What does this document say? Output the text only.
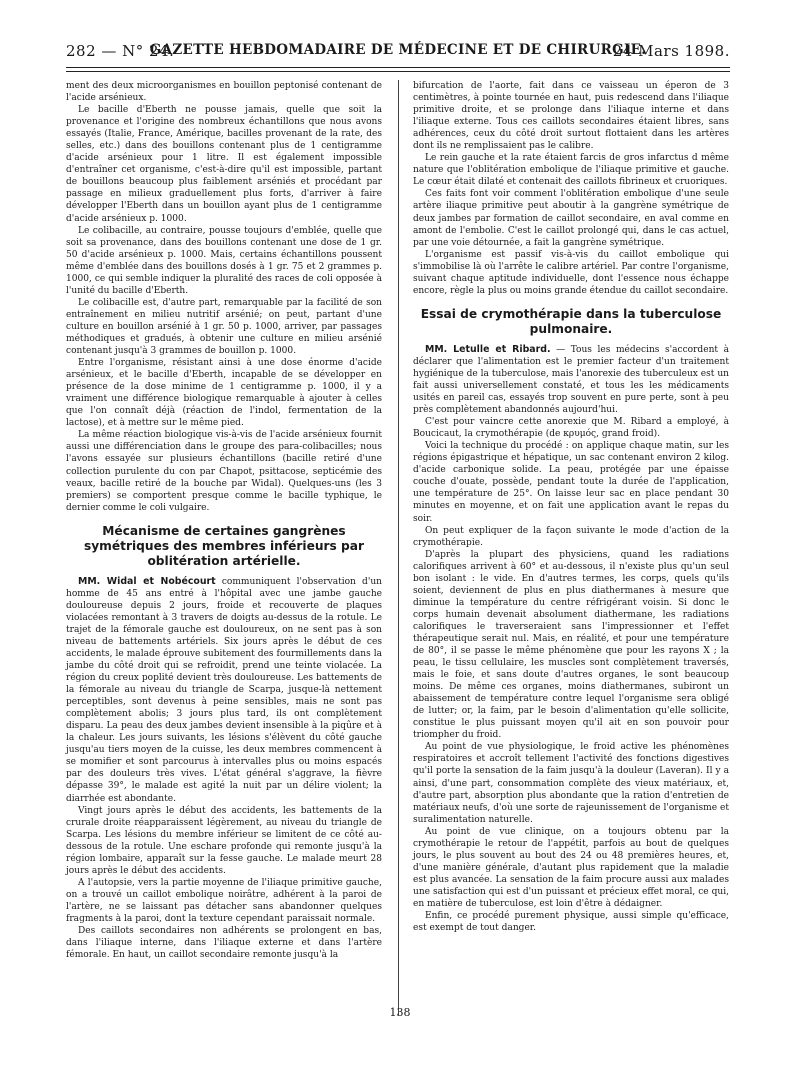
282 — N° 24.
GAZETTE HEBDOMADAIRE DE MÉDECINE ET DE CHIRURGIE.
24 Mars 1898.

ment des deux microorganismes en bouillon peptonisé contenant de l'acide arsénieux.

Le bacille d'Eberth ne pousse jamais, quelle que soit la provenance et l'origine des nombreux échantillons que nous avons essayés (Italie, France, Amérique, bacilles provenant de la rate, des selles, etc.) dans des bouillons contenant plus de 1 centigramme d'acide arsénieux pour 1 litre. Il est également impossible d'entraîner cet organisme, c'est-à-dire qu'il est impossible, partant de bouillons beaucoup plus faiblement arséniés et procédant par passage en milieux graduellement plus forts, d'arriver à faire développer l'Eberth dans un bouillon ayant plus de 1 centigramme d'acide arsénieux p. 1000.

Le colibacille, au contraire, pousse toujours d'emblée, quelle que soit sa provenance, dans des bouillons contenant une dose de 1 gr. 50 d'acide arsénieux p. 1000. Mais, certains échantillons poussent même d'emblée dans des bouillons dosés à 1 gr. 75 et 2 grammes p. 1000, ce qui semble indiquer la pluralité des races de coli opposée à l'unité du bacille d'Eberth.

Le colibacille est, d'autre part, remarquable par la facilité de son entraînement en milieu nutritif arsénié; on peut, partant d'une culture en bouillon arsénié à 1 gr. 50 p. 1000, arriver, par passages méthodiques et gradués, à obtenir une culture en milieu arsénié contenant jusqu'à 3 grammes de bouillon p. 1000.

Entre l'organisme, résistant ainsi à une dose énorme d'acide arsénieux, et le bacille d'Eberth, incapable de se développer en présence de la dose minime de 1 centigramme p. 1000, il y a vraiment une différence biologique remarquable à ajouter à celles que l'on connaît déjà (réaction de l'indol, fermentation de la lactose), et à mettre sur le même pied.

La même réaction biologique vis-à-vis de l'acide arsénieux fournit aussi une différenciation dans le groupe des para-colibacilles; nous l'avons essayée sur plusieurs échantillons (bacille retiré d'une collection purulente du con par Chapot, psittacose, septicémie des veaux, bacille retiré de la bouche par Widal). Quelques-uns (les 3 premiers) se comportent presque comme le bacille typhique, le dernier comme le coli vulgaire.

Mécanisme de certaines gangrènes symétriques des membres inférieurs par oblitération artérielle.

MM. Widal et Nobécourt communiquent l'observation d'un homme de 45 ans entré à l'hôpital avec une jambe gauche douloureuse depuis 2 jours, froide et recouverte de plaques violacées remontant à 3 travers de doigts au-dessus de la rotule. Le trajet de la fémorale gauche est douloureux, on ne sent pas à son niveau de battements artériels. Six jours après le début de ces accidents, le malade éprouve subitement des fourmillements dans la jambe du côté droit qui se refroidit, prend une teinte violacée. La région du creux poplité devient très douloureuse. Les battements de la fémorale au niveau du triangle de Scarpa, jusque-là nettement perceptibles, sont devenus à peine sensibles, mais ne sont pas complètement abolis; 3 jours plus tard, ils ont complètement disparu. La peau des deux jambes devient insensible à la piqûre et à la chaleur. Les jours suivants, les lésions s'élèvent du côté gauche jusqu'au tiers moyen de la cuisse, les deux membres commencent à se momifier et sont parcourus à intervalles plus ou moins espacés par des douleurs très vives. L'état général s'aggrave, la fièvre dépasse 39°, le malade est agité la nuit par un délire violent; la diarrhée est abondante.

Vingt jours après le début des accidents, les battements de la crurale droite réapparaissent légèrement, au niveau du triangle de Scarpa. Les lésions du membre inférieur se limitent de ce côté au-dessous de la rotule. Une eschare profonde qui remonte jusqu'à la région lombaire, apparaît sur la fesse gauche. Le malade meurt 28 jours après le début des accidents.

A l'autopsie, vers la partie moyenne de l'iliaque primitive gauche, on a trouvé un caillot embolique noirâtre, adhérent à la paroi de l'artère, ne se laissant pas détacher sans abandonner quelques fragments à la paroi, dont la texture cependant paraissait normale.

Des caillots secondaires non adhérents se prolongent en bas, dans l'iliaque interne, dans l'iliaque externe et dans l'artère fémorale. En haut, un caillot secondaire remonte jusqu'à la

bifurcation de l'aorte, fait dans ce vaisseau un éperon de 3 centimètres, à pointe tournée en haut, puis redescend dans l'iliaque primitive droite, et se prolonge dans l'iliaque interne et dans l'iliaque externe. Tous ces caillots secondaires étaient libres, sans adhérences, ceux du côté droit surtout flottaient dans les artères dont ils ne remplissaient pas le calibre.

Le rein gauche et la rate étaient farcis de gros infarctus d même nature que l'oblitération embolique de l'iliaque primitive et gauche. Le cœur était dilaté et contenait des caillots fibrineux et cruoriques.

Ces faits font voir comment l'oblitération embolique d'une seule artère iliaque primitive peut aboutir à la gangrène symétrique de deux jambes par formation de caillot secondaire, en aval comme en amont de l'embolie. C'est le caillot prolongé qui, dans le cas actuel, par une voie détournée, a fait la gangrène symétrique.

L'organisme est passif vis-à-vis du caillot embolique qui s'immobilise là où l'arrête le calibre artériel. Par contre l'organisme, suivant chaque aptitude individuelle, dont l'essence nous échappe encore, règle la plus ou moins grande étendue du caillot secondaire.

Essai de crymothérapie dans la tuberculose pulmonaire.

MM. Letulle et Ribard. — Tous les médecins s'accordent à déclarer que l'alimentation est le premier facteur d'un traitement hygiénique de la tuberculose, mais l'anorexie des tuberculeux est un fait aussi universellement constaté, et tous les les médicaments usités en pareil cas, essayés trop souvent en pure perte, sont à peu près complètement abandonnés aujourd'hui.

C'est pour vaincre cette anorexie que M. Ribard a employé, à Boucicaut, la crymothérapie (de κρυμός, grand froid).

Voici la technique du procédé : on applique chaque matin, sur les régions épigastrique et hépatique, un sac contenant environ 2 kilog. d'acide carbonique solide. La peau, protégée par une épaisse couche d'ouate, possède, pendant toute la durée de l'application, une température de 25°. On laisse leur sac en place pendant 30 minutes en moyenne, et on fait une application avant le repas du soir.

On peut expliquer de la façon suivante le mode d'action de la crymothérapie.

D'après la plupart des physiciens, quand les radiations calorifiques arrivent à 60° et au-dessous, il n'existe plus qu'un seul bon isolant : le vide. En d'autres termes, les corps, quels qu'ils soient, deviennent de plus en plus diathermanes à mesure que diminue la température du centre réfrigérant voisin. Si donc le corps humain devenait absolument diathermane, les radiations calorifiques le traverseraient sans l'impressionner et l'effet thérapeutique serait nul. Mais, en réalité, et pour une température de 80°, il se passe le même phénomène que pour les rayons X ; la peau, le tissu cellulaire, les muscles sont complètement traversés, mais le foie, et sans doute d'autres organes, le sont beaucoup moins. De même ces organes, moins diathermanes, subiront un abaissement de température contre lequel l'organisme sera obligé de lutter; or, la faim, par le besoin d'alimentation qu'elle sollicite, constitue le plus puissant moyen qu'il ait en son pouvoir pour triompher du froid.

Au point de vue physiologique, le froid active les phénomènes respiratoires et accroît tellement l'activité des fonctions digestives qu'il porte la sensation de la faim jusqu'à la douleur (Laveran). Il y a ainsi, d'une part, consommation complète des vieux matériaux, et, d'autre part, absorption plus abondante que la ration d'entretien de matériaux neufs, d'où une sorte de rajeunissement de l'organisme et suralimentation naturelle.

Au point de vue clinique, on a toujours obtenu par la crymothérapie le retour de l'appétit, parfois au bout de quelques jours, le plus souvent au bout des 24 ou 48 premières heures, et, d'une manière générale, d'autant plus rapidement que la maladie est plus avancée. La sensation de la faim procure aussi aux malades une satisfaction qui est d'un puissant et précieux effet moral, ce qui, en matière de tuberculose, est loin d'être à dédaigner.

Enfin, ce procédé purement physique, aussi simple qu'efficace, est exempt de tout danger.

138
